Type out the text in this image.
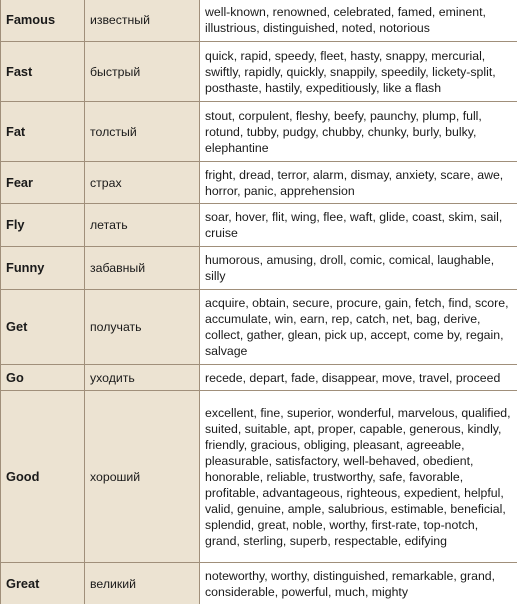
Famous	известный	well-known, renowned, celebrated, famed, eminent, illustrious, distinguished, noted, notorious
Fast	быстрый	quick, rapid, speedy, fleet, hasty, snappy, mercurial, swiftly, rapidly, quickly, snappily, speedily, lickety-split, posthaste, hastily, expeditiously, like a flash
Fat	толстый	stout, corpulent, fleshy, beefy, paunchy, plump, full, rotund, tubby, pudgy, chubby, chunky, burly, bulky, elephantine
Fear	страх	fright, dread, terror, alarm, dismay, anxiety, scare, awe, horror, panic, apprehension
Fly	летать	soar, hover, flit, wing, flee, waft, glide, coast, skim, sail, cruise
Funny	забавный	humorous, amusing, droll, comic, comical, laughable, silly
Get	получать	acquire, obtain, secure, procure, gain, fetch, find, score, accumulate, win, earn, rep, catch, net, bag, derive, collect, gather, glean, pick up, accept, come by, regain, salvage
Go	уходить	recede, depart, fade, disappear, move, travel, proceed
Good	хороший	excellent, fine, superior, wonderful, marvelous, qualified, suited, suitable, apt, proper, capable, generous, kindly, friendly, gracious, obliging, pleasant, agreeable, pleasurable, satisfactory, well-behaved, obedient, honorable, reliable, trustworthy, safe, favorable, profitable, advantageous, righteous, expedient, helpful, valid, genuine, ample, salubrious, estimable, beneficial, splendid, great, noble, worthy, first-rate, top-notch, grand, sterling, superb, respectable, edifying
Great	великий	noteworthy, worthy, distinguished, remarkable, grand, considerable, powerful, much, mighty
